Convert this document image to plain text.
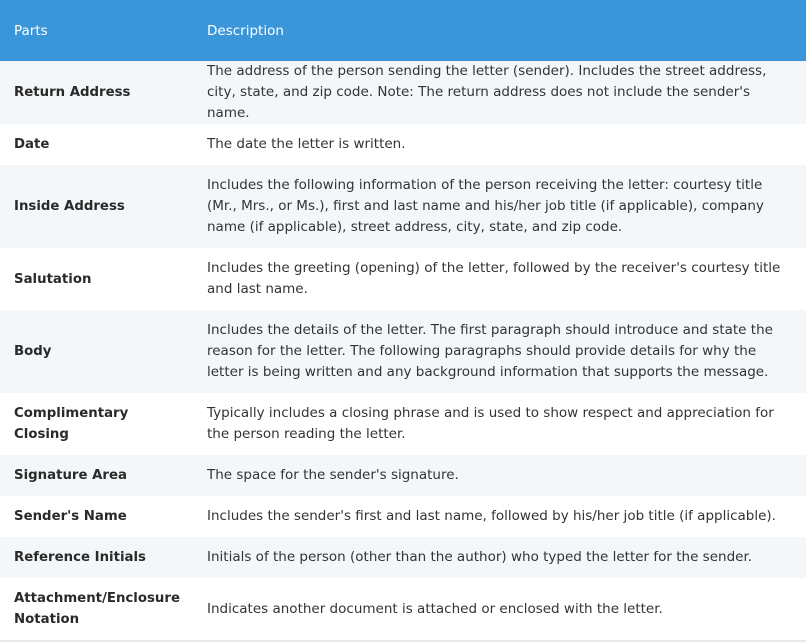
Parts	Description
Return Address	The address of the person sending the letter (sender). Includes the street address, city, state, and zip code. Note: The return address does not include the sender's name.
Date	The date the letter is written.
Inside Address	Includes the following information of the person receiving the letter: courtesy title (Mr., Mrs., or Ms.), first and last name and his/her job title (if applicable), company name (if applicable), street address, city, state, and zip code.
Salutation	Includes the greeting (opening) of the letter, followed by the receiver's courtesy title and last name.
Body	Includes the details of the letter. The first paragraph should introduce and state the reason for the letter. The following paragraphs should provide details for why the letter is being written and any background information that supports the message.
Complimentary Closing	Typically includes a closing phrase and is used to show respect and appreciation for the person reading the letter.
Signature Area	The space for the sender's signature.
Sender's Name	Includes the sender's first and last name, followed by his/her job title (if applicable).
Reference Initials	Initials of the person (other than the author) who typed the letter for the sender.
Attachment/Enclosure Notation	Indicates another document is attached or enclosed with the letter.
